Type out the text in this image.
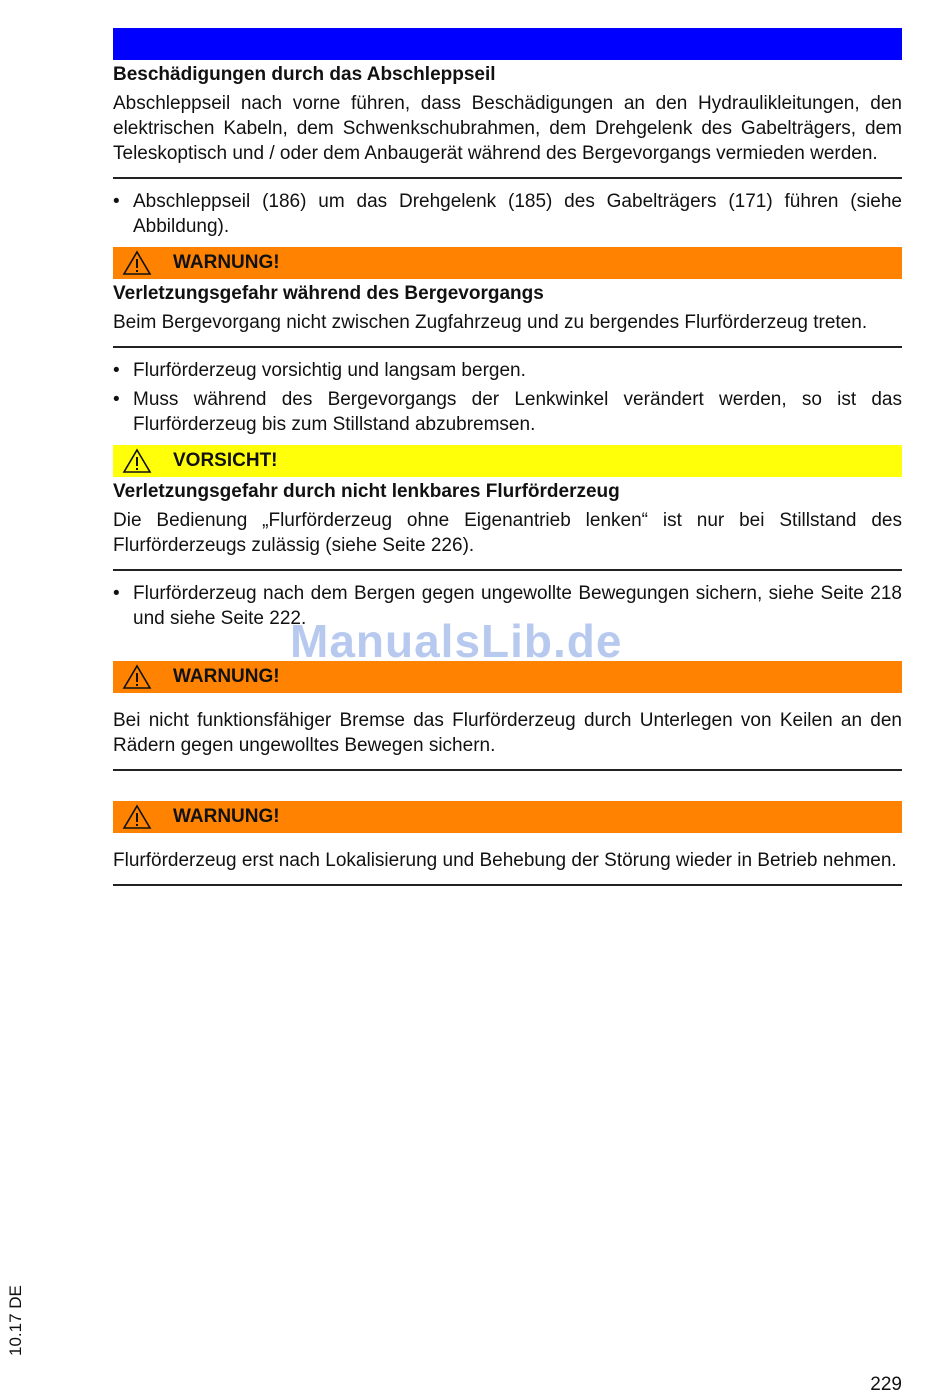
Beschädigungen durch das Abschleppseil
Abschleppseil nach vorne führen, dass Beschädigungen an den Hydraulikleitungen, den elektrischen Kabeln, dem Schwenkschubrahmen, dem Drehgelenk des Gabelträgers, dem Teleskoptisch und / oder dem Anbaugerät während des Bergevorgangs vermieden werden.
• Abschleppseil (186) um das Drehgelenk (185) des Gabelträgers (171) führen (siehe Abbildung).
WARNUNG!
Verletzungsgefahr während des Bergevorgangs
Beim Bergevorgang nicht zwischen Zugfahrzeug und zu bergendes Flurförderzeug treten.
• Flurförderzeug vorsichtig und langsam bergen.
• Muss während des Bergevorgangs der Lenkwinkel verändert werden, so ist das Flurförderzeug bis zum Stillstand abzubremsen.
VORSICHT!
Verletzungsgefahr durch nicht lenkbares Flurförderzeug
Die Bedienung „Flurförderzeug ohne Eigenantrieb lenken“ ist nur bei Stillstand des Flurförderzeugs zulässig (siehe Seite 226).
• Flurförderzeug nach dem Bergen gegen ungewollte Bewegungen sichern, siehe Seite 218 und siehe Seite 222.
WARNUNG!
Bei nicht funktionsfähiger Bremse das Flurförderzeug durch Unterlegen von Keilen an den Rädern gegen ungewolltes Bewegen sichern.
WARNUNG!
Flurförderzeug erst nach Lokalisierung und Behebung der Störung wieder in Betrieb nehmen.
ManualsLib.de
10.17 DE
229
